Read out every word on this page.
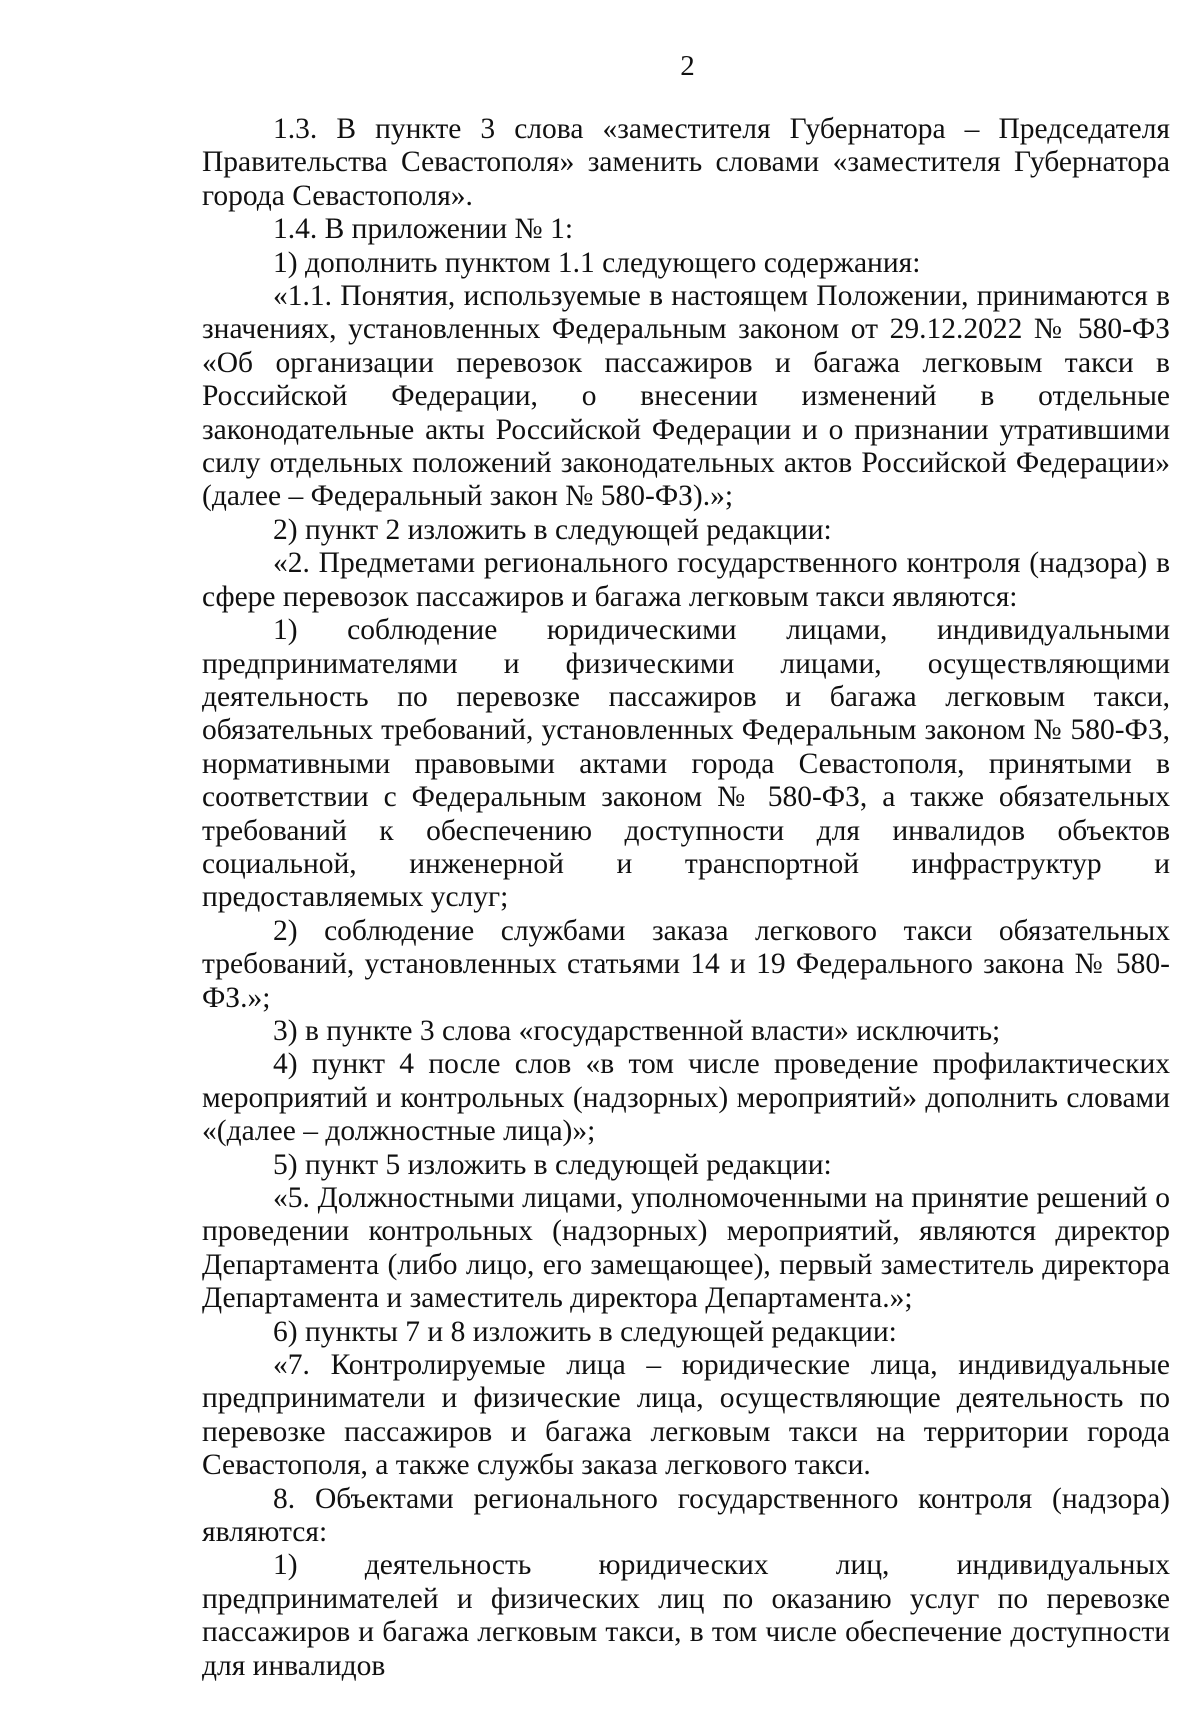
2

1.3. В пункте 3 слова «заместителя Губернатора – Председателя Правительства Севастополя» заменить словами «заместителя Губернатора города Севастополя».

1.4. В приложении № 1:

1) дополнить пунктом 1.1 следующего содержания:

«1.1. Понятия, используемые в настоящем Положении, принимаются в значениях, установленных Федеральным законом от 29.12.2022 № 580-ФЗ «Об организации перевозок пассажиров и багажа легковым такси в Российской Федерации, о внесении изменений в отдельные законодательные акты Российской Федерации и о признании утратившими силу отдельных положений законодательных актов Российской Федерации» (далее – Федеральный закон № 580-ФЗ).»;

2) пункт 2 изложить в следующей редакции:

«2. Предметами регионального государственного контроля (надзора) в сфере перевозок пассажиров и багажа легковым такси являются:

1) соблюдение юридическими лицами, индивидуальными предпринимателями и физическими лицами, осуществляющими деятельность по перевозке пассажиров и багажа легковым такси, обязательных требований, установленных Федеральным законом № 580-ФЗ, нормативными правовыми актами города Севастополя, принятыми в соответствии с Федеральным законом № 580-ФЗ, а также обязательных требований к обеспечению доступности для инвалидов объектов социальной, инженерной и транспортной инфраструктур и предоставляемых услуг;

2) соблюдение службами заказа легкового такси обязательных требований, установленных статьями 14 и 19 Федерального закона № 580-ФЗ.»;

3) в пункте 3 слова «государственной власти» исключить;

4) пункт 4 после слов «в том числе проведение профилактических мероприятий и контрольных (надзорных) мероприятий» дополнить словами «(далее – должностные лица)»;

5) пункт 5 изложить в следующей редакции:

«5. Должностными лицами, уполномоченными на принятие решений о проведении контрольных (надзорных) мероприятий, являются директор Департамента (либо лицо, его замещающее), первый заместитель директора Департамента и заместитель директора Департамента.»;

6) пункты 7 и 8 изложить в следующей редакции:

«7. Контролируемые лица – юридические лица, индивидуальные предприниматели и физические лица, осуществляющие деятельность по перевозке пассажиров и багажа легковым такси на территории города Севастополя, а также службы заказа легкового такси.

8. Объектами регионального государственного контроля (надзора) являются:

1) деятельность юридических лиц, индивидуальных предпринимателей и физических лиц по оказанию услуг по перевозке пассажиров и багажа легковым такси, в том числе обеспечение доступности для инвалидов
